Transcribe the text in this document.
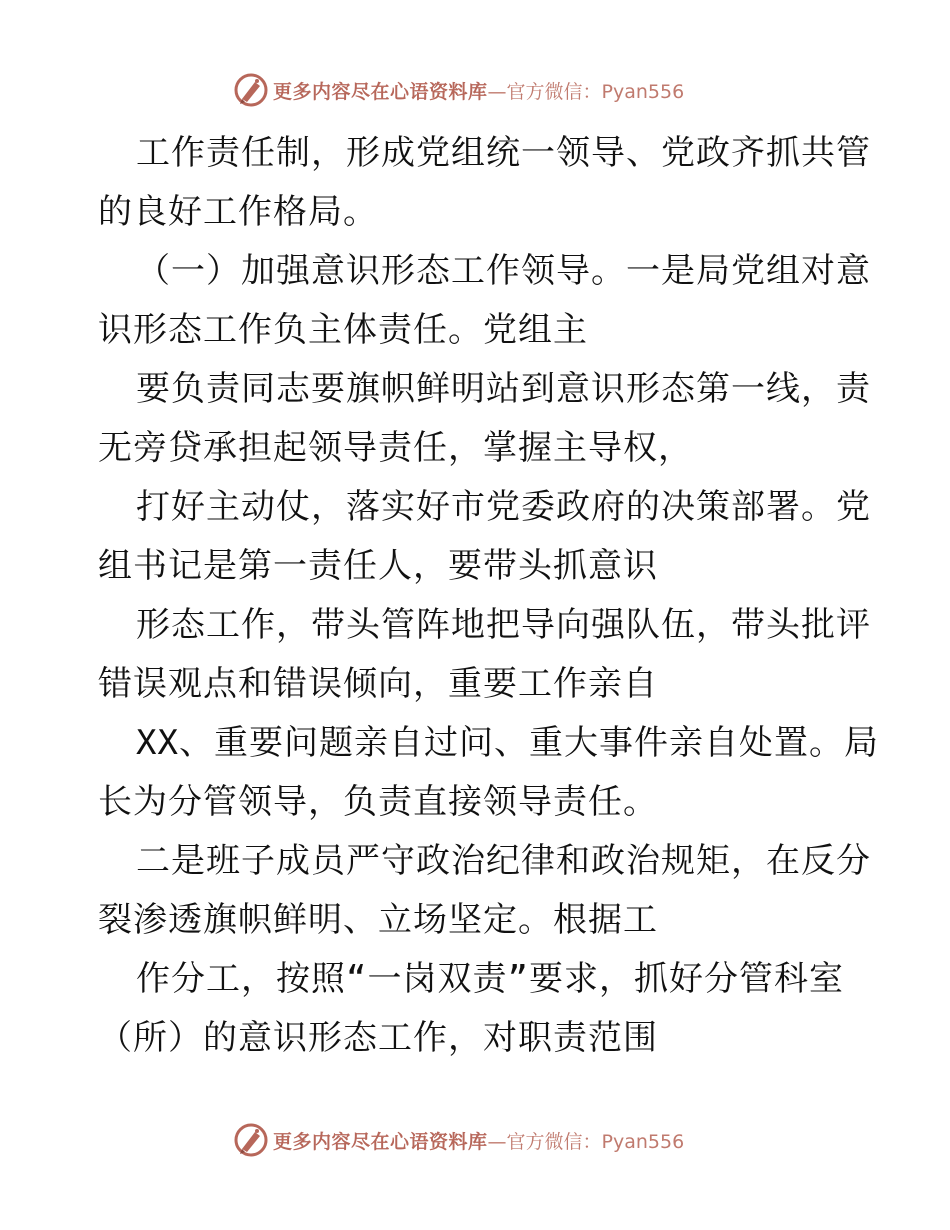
更多内容尽在心语资料库 —官方微信：Pyan556
工作责任制，形成党组统一领导、党政齐抓共管
的良好工作格局。
（一）加强意识形态工作领导。一是局党组对意
识形态工作负主体责任。党组主
要负责同志要旗帜鲜明站到意识形态第一线，责
无旁贷承担起领导责任，掌握主导权，
打好主动仗，落实好市党委政府的决策部署。党
组书记是第一责任人，要带头抓意识
形态工作，带头管阵地把导向强队伍，带头批评
错误观点和错误倾向，重要工作亲自
XX、重要问题亲自过问、重大事件亲自处置。局
长为分管领导，负责直接领导责任。
二是班子成员严守政治纪律和政治规矩，在反分
裂渗透旗帜鲜明、立场坚定。根据工
作分工，按照“一岗双责”要求，抓好分管科室
（所）的意识形态工作，对职责范围
更多内容尽在心语资料库 —官方微信：Pyan556
